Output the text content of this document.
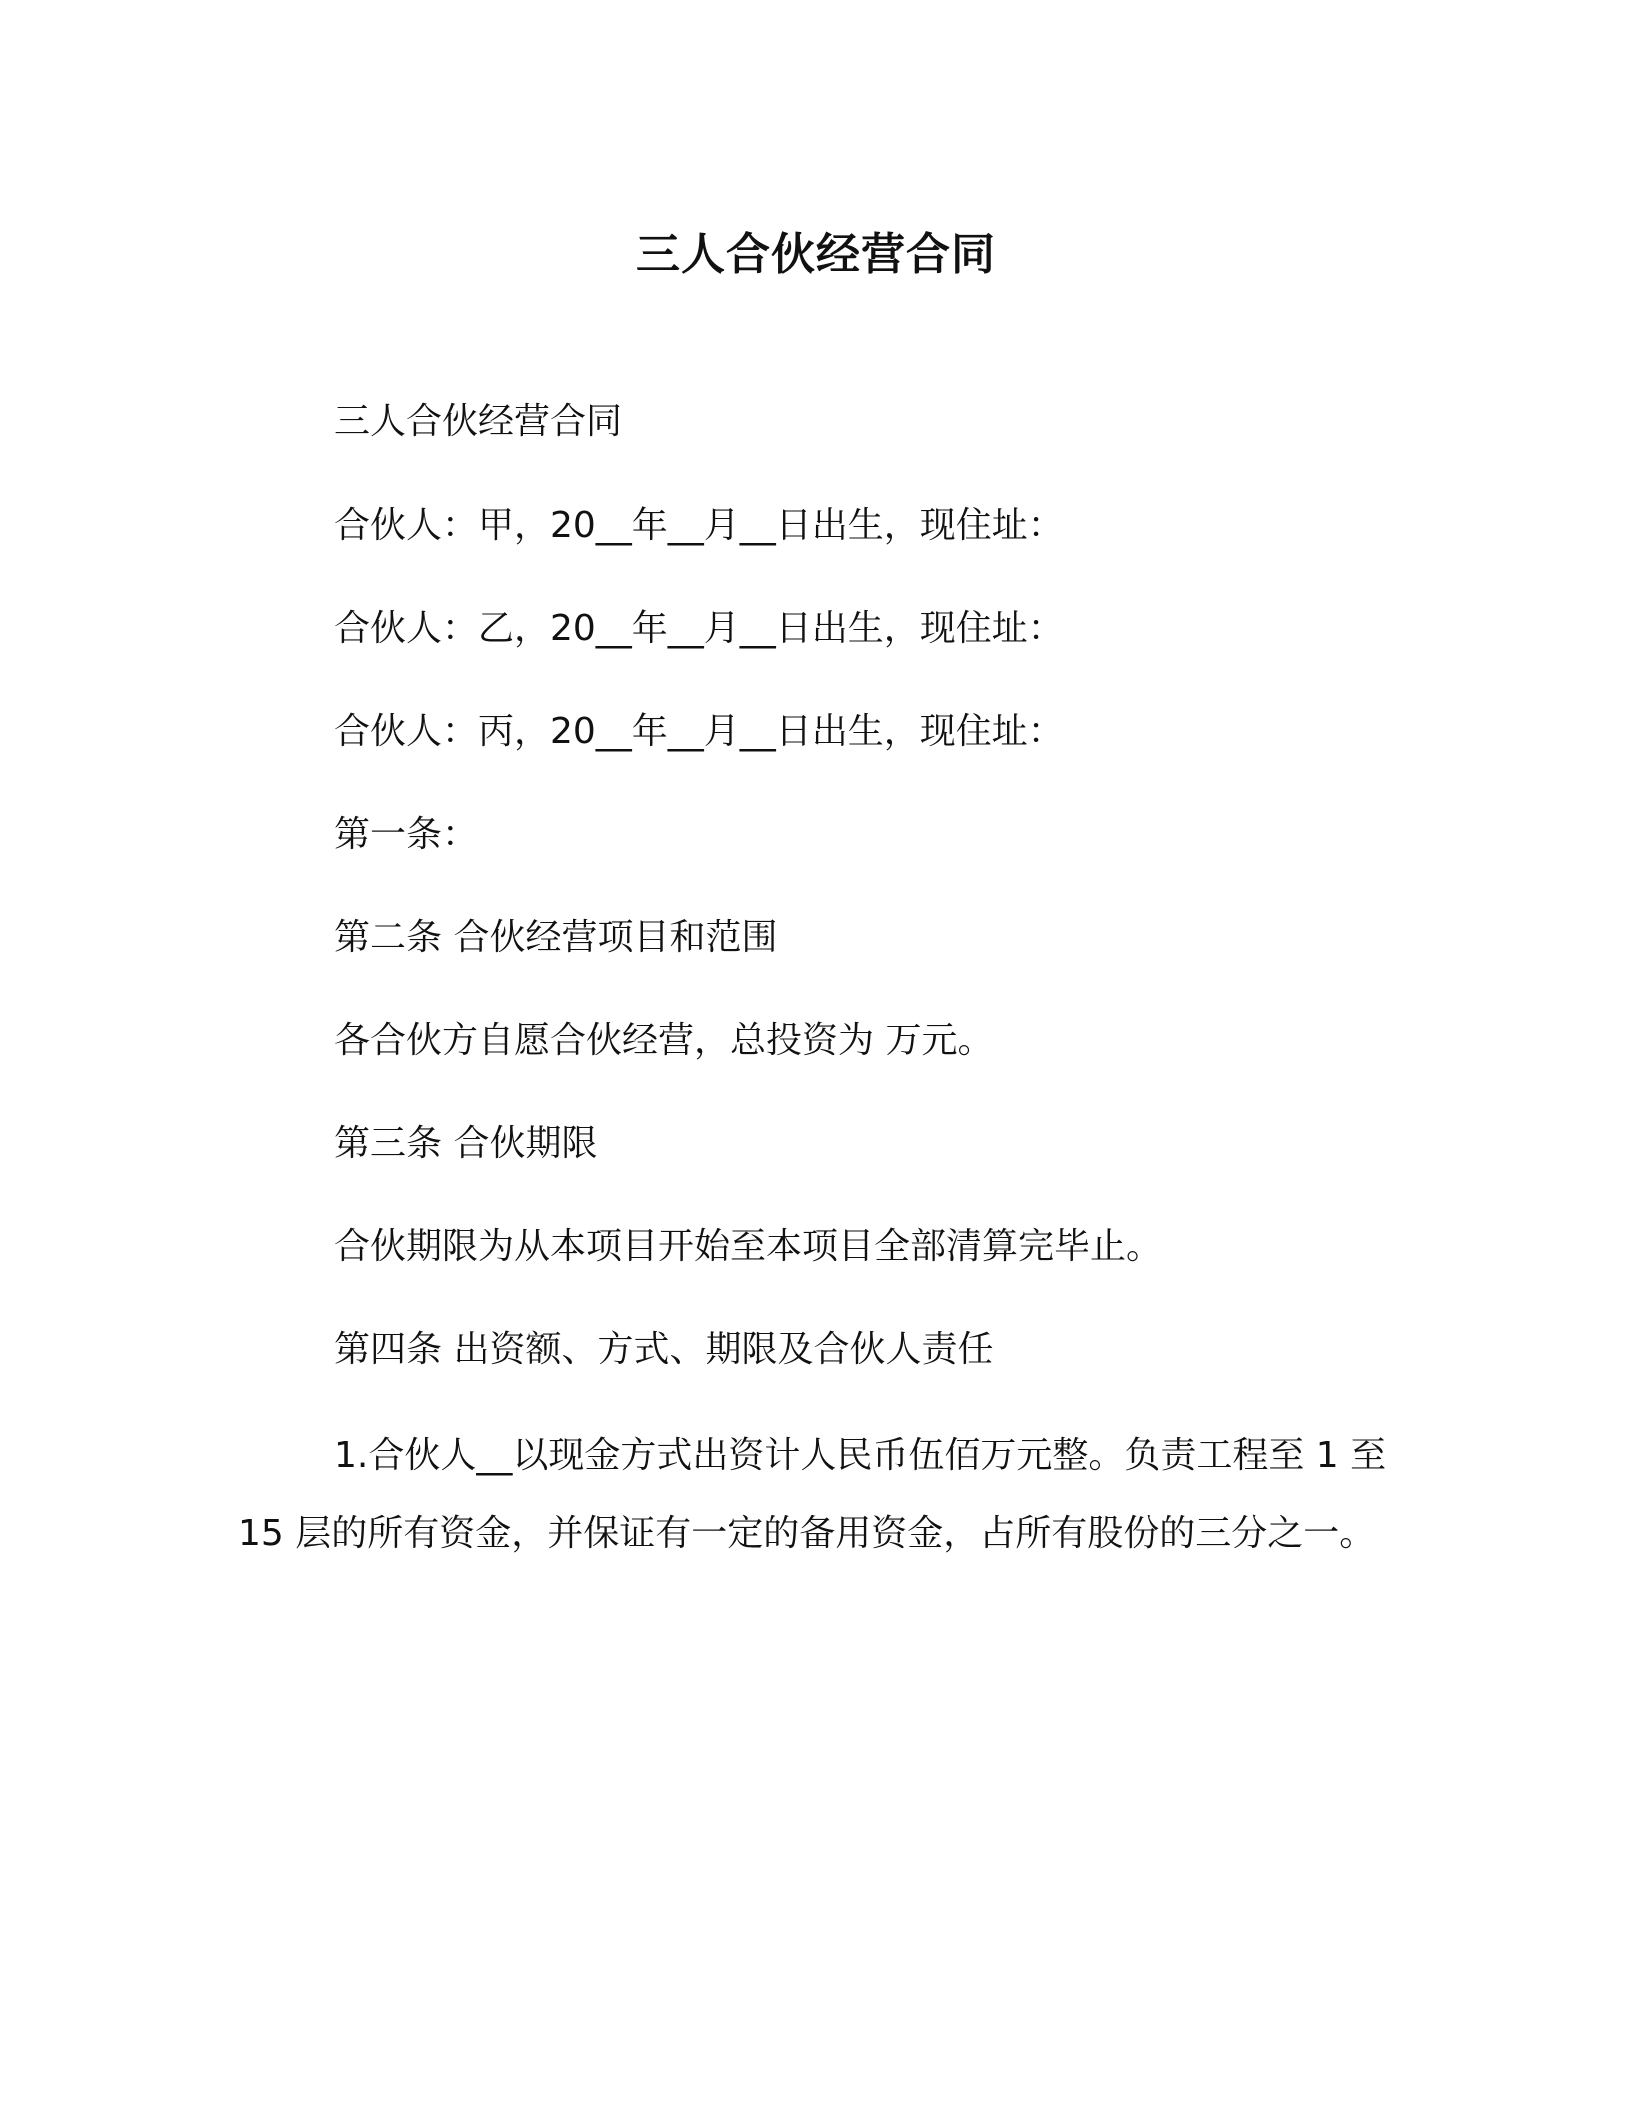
三人合伙经营合同

三人合伙经营合同

合伙人：甲，20__年__月__日出生，现住址：

合伙人：乙，20__年__月__日出生，现住址：

合伙人：丙，20__年__月__日出生，现住址：

第一条：

第二条 合伙经营项目和范围

各合伙方自愿合伙经营，总投资为 万元。

第三条 合伙期限

合伙期限为从本项目开始至本项目全部清算完毕止。

第四条 出资额、方式、期限及合伙人责任

1.合伙人__以现金方式出资计人民币伍佰万元整。负责工程至 1 至 15 层的所有资金，并保证有一定的备用资金，占所有股份的三分之一。
